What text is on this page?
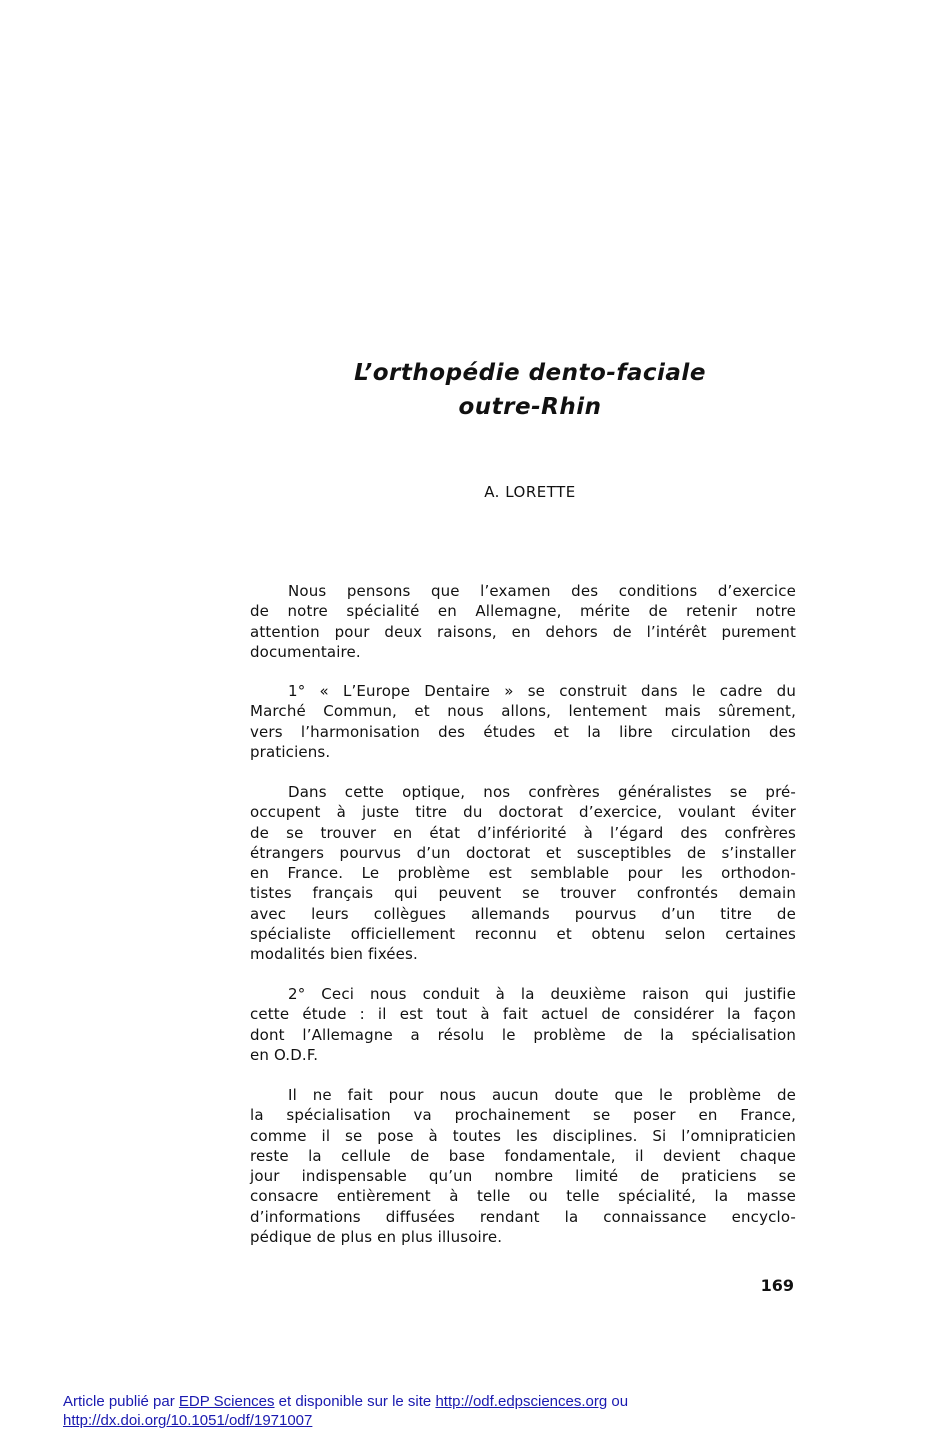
L’orthopédie dento-faciale
outre-Rhin
A. LORETTE
Nous pensons que l’examen des conditions d’exercice
de notre spécialité en Allemagne, mérite de retenir notre
attention pour deux raisons, en dehors de l’intérêt purement
documentaire.
1° « L’Europe Dentaire » se construit dans le cadre du
Marché Commun, et nous allons, lentement mais sûrement,
vers l’harmonisation des études et la libre circulation des
praticiens.
Dans cette optique, nos confrères généralistes se pré-
occupent à juste titre du doctorat d’exercice, voulant éviter
de se trouver en état d’infériorité à l’égard des confrères
étrangers pourvus d’un doctorat et susceptibles de s’installer
en France. Le problème est semblable pour les orthodon-
tistes français qui peuvent se trouver confrontés demain
avec leurs collègues allemands pourvus d’un titre de
spécialiste officiellement reconnu et obtenu selon certaines
modalités bien fixées.
2° Ceci nous conduit à la deuxième raison qui justifie
cette étude : il est tout à fait actuel de considérer la façon
dont l’Allemagne a résolu le problème de la spécialisation
en O.D.F.
Il ne fait pour nous aucun doute que le problème de
la spécialisation va prochainement se poser en France,
comme il se pose à toutes les disciplines. Si l’omnipraticien
reste la cellule de base fondamentale, il devient chaque
jour indispensable qu’un nombre limité de praticiens se
consacre entièrement à telle ou telle spécialité, la masse
d’informations diffusées rendant la connaissance encyclo-
pédique de plus en plus illusoire.
169
Article publié par EDP Sciences et disponible sur le site http://odf.edpsciences.org ou
http://dx.doi.org/10.1051/odf/1971007
